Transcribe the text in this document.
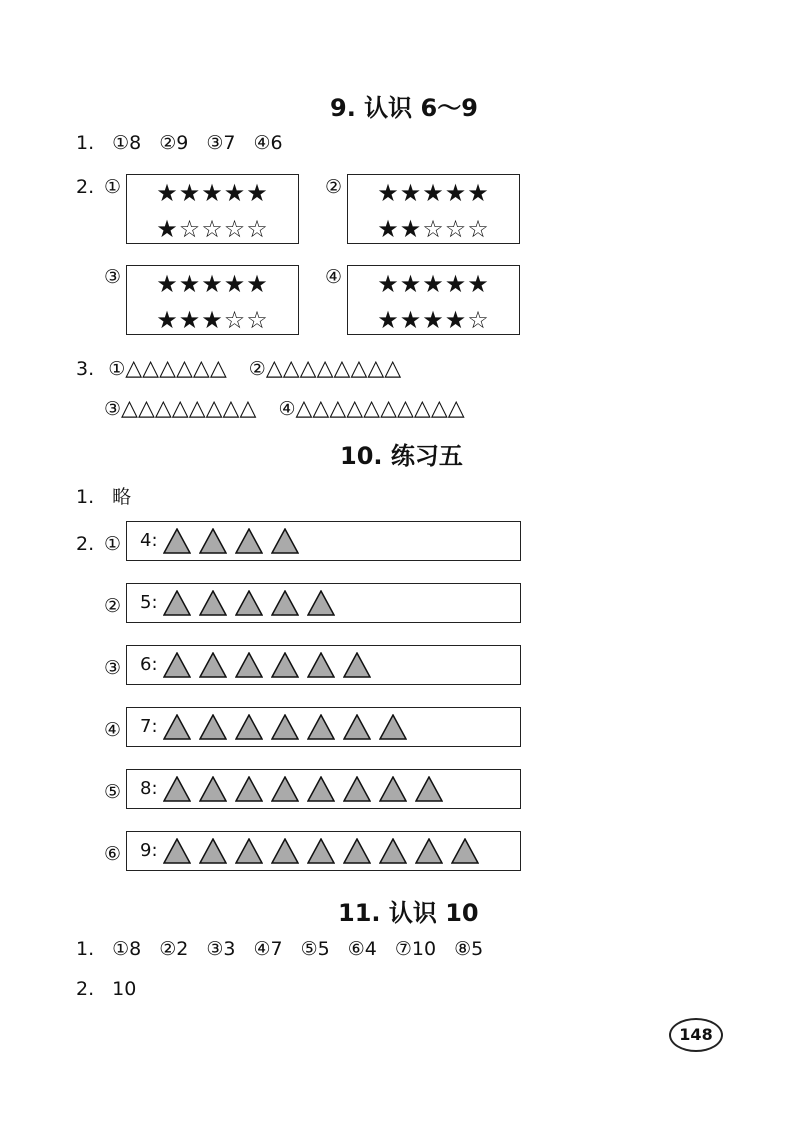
9. 认识 6～9
1. ①8 ②9 ③7 ④6
2. ①	★★★★★
★☆☆☆☆
②	★★★★★
★★☆☆☆
③	★★★★★
★★★☆☆
④	★★★★★
★★★★☆
3. ①△△△△△△ ②△△△△△△△△
③△△△△△△△△ ④△△△△△△△△△△
10. 练习五
1. 略
2. ① 4:
② 5:
③ 6:
④ 7:
⑤ 8:
⑥ 9:
11. 认识 10
1. ①8 ②2 ③3 ④7 ⑤5 ⑥4 ⑦10 ⑧5
2. 10
148
